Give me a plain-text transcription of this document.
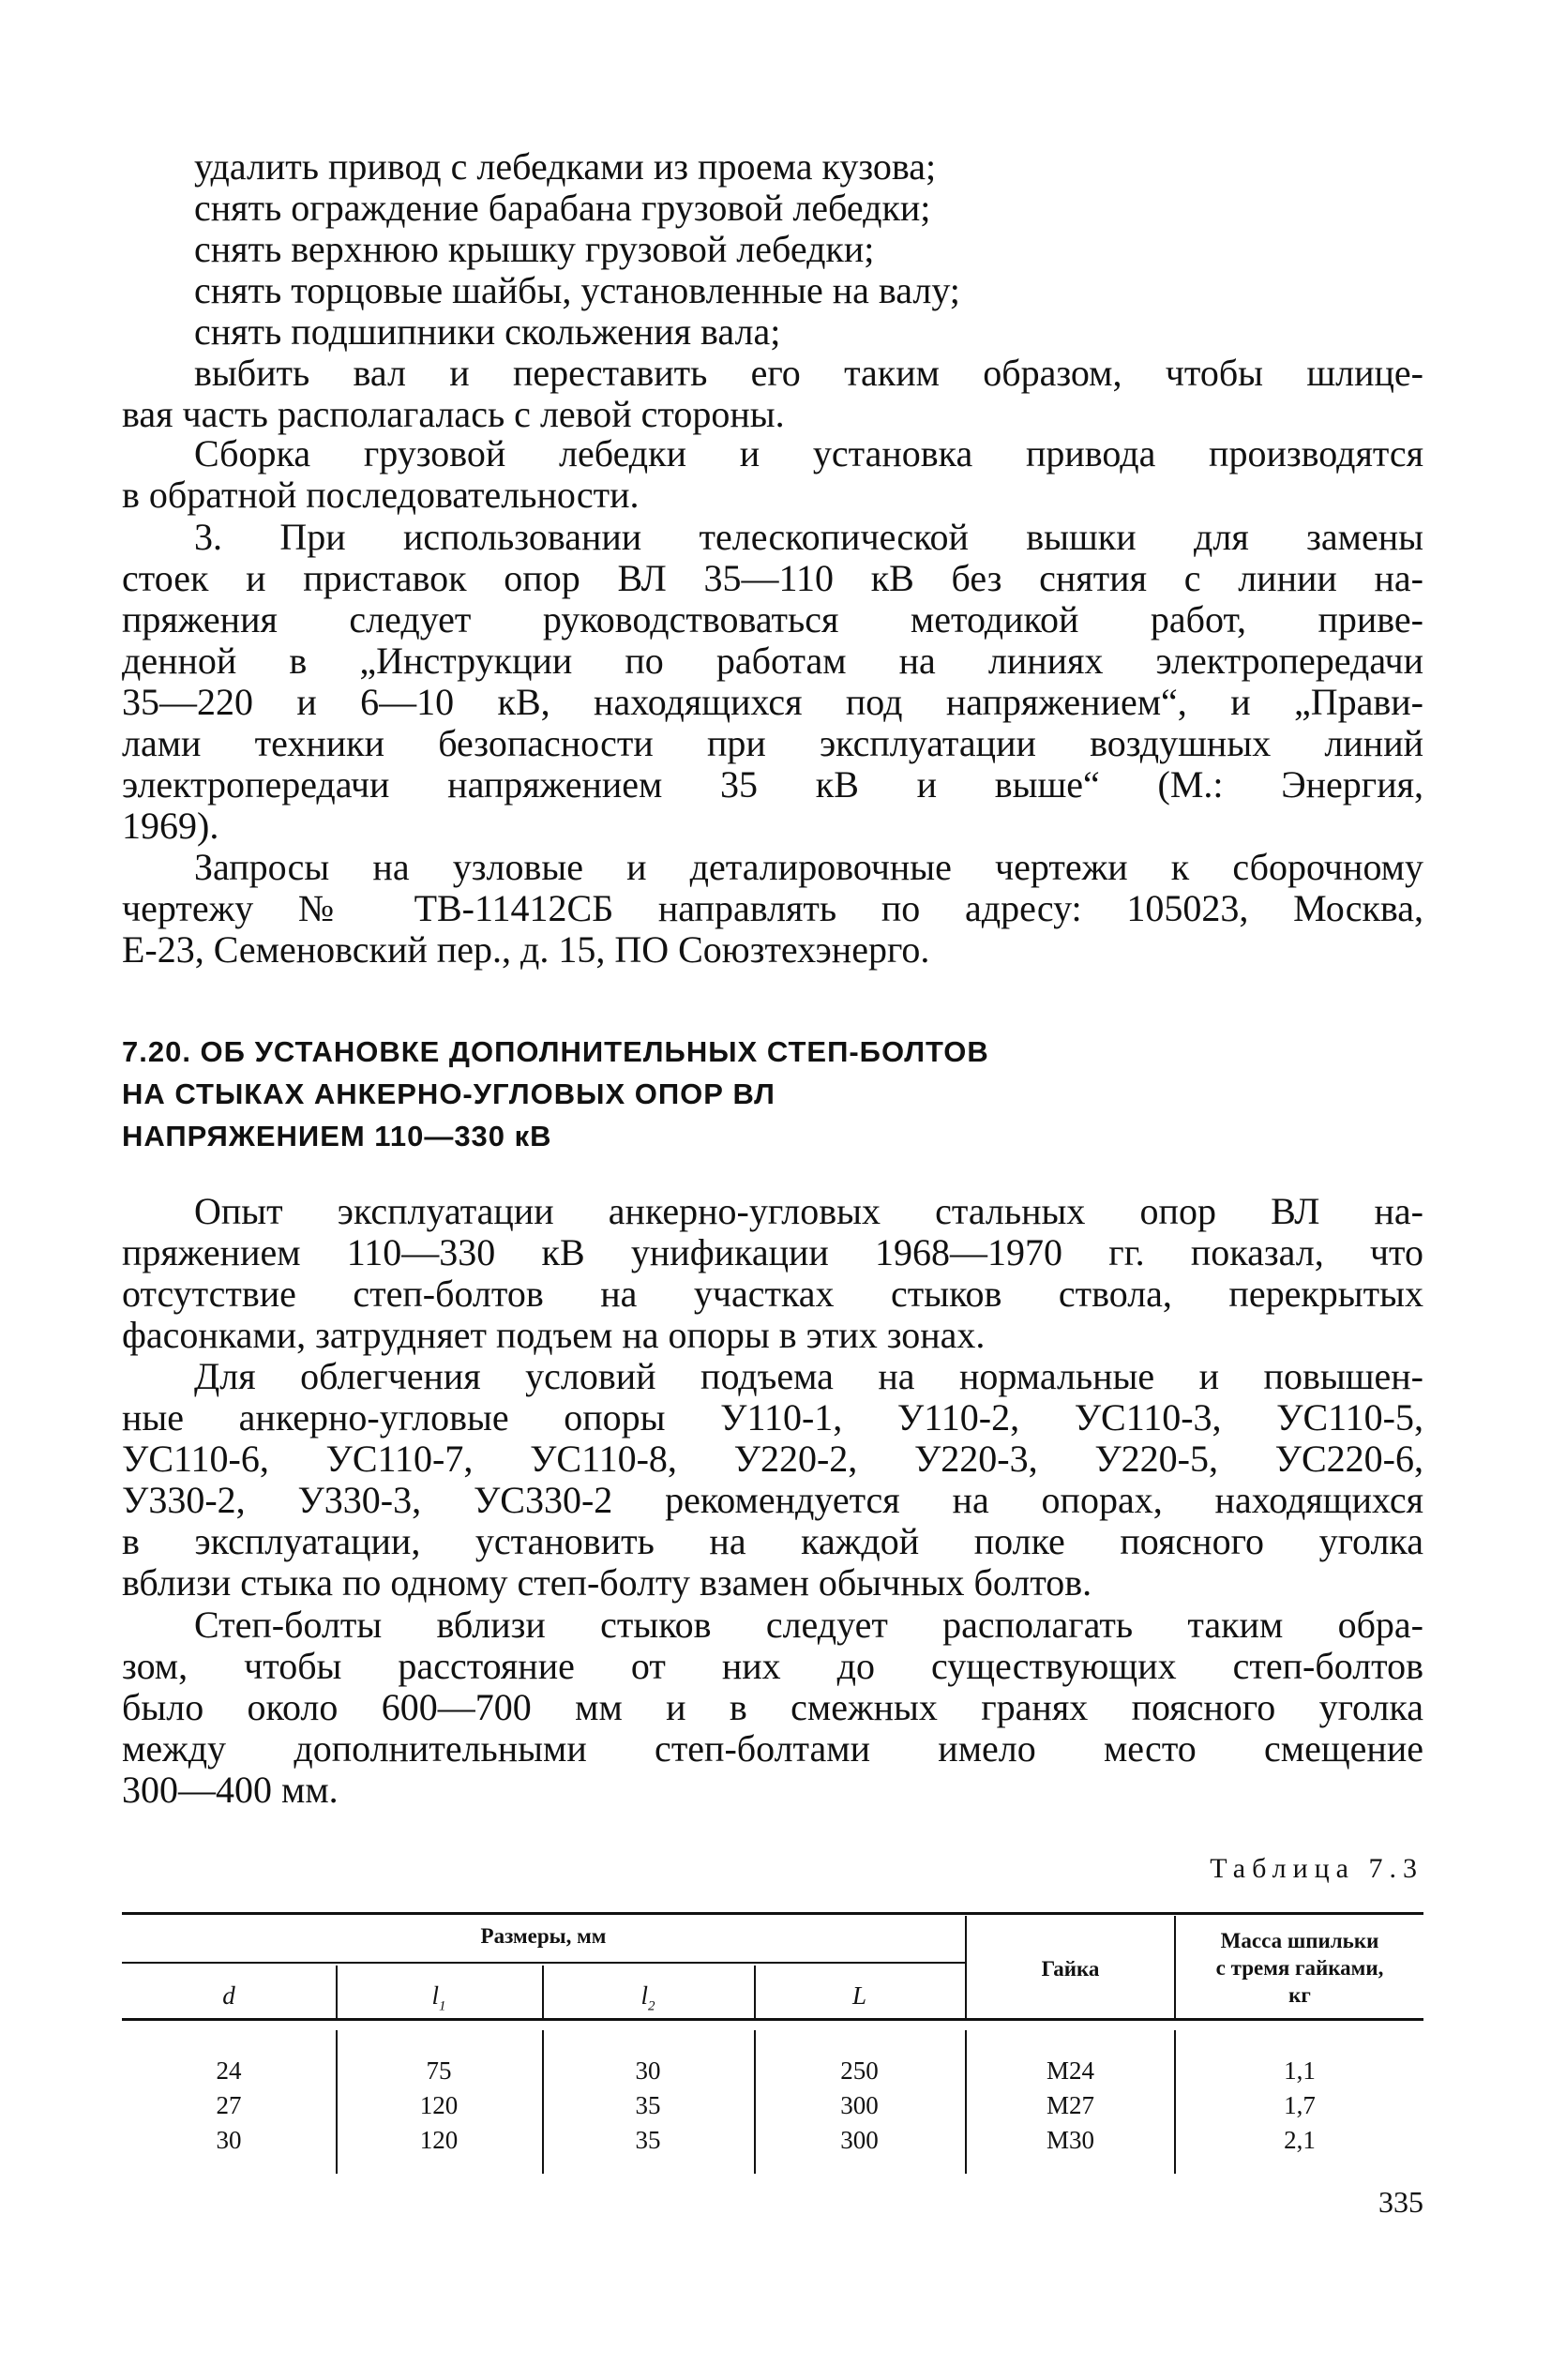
удалить привод с лебедками из проема кузова;
снять ограждение барабана грузовой лебедки;
снять верхнюю крышку грузовой лебедки;
снять торцовые шайбы, установленные на валу;
снять подшипники скольжения вала;
выбить вал и переставить его таким образом, чтобы шлице-
вая часть располагалась с левой стороны.
Сборка грузовой лебедки и установка привода производятся
в обратной последовательности.
3. При использовании телескопической вышки для замены
стоек и приставок опор ВЛ 35—110 кВ без снятия с линии на-
пряжения следует руководствоваться методикой работ, приве-
денной в „Инструкции по работам на линиях электропередачи
35—220 и 6—10 кВ, находящихся под напряжением“, и „Прави-
лами техники безопасности при эксплуатации воздушных линий
электропередачи напряжением 35 кВ и выше“ (М.: Энергия,
1969).
Запросы на узловые и деталировочные чертежи к сборочному
чертежу № ТВ-11412СБ направлять по адресу: 105023, Москва,
Е-23, Семеновский пер., д. 15, ПО Союзтехэнерго.
7.20. ОБ УСТАНОВКЕ ДОПОЛНИТЕЛЬНЫХ СТЕП-БОЛТОВ
НА СТЫКАХ АНКЕРНО-УГЛОВЫХ ОПОР ВЛ
НАПРЯЖЕНИЕМ 110—330 кВ
Опыт эксплуатации анкерно-угловых стальных опор ВЛ на-
пряжением 110—330 кВ унификации 1968—1970 гг. показал, что
отсутствие степ-болтов на участках стыков ствола, перекрытых
фасонками, затрудняет подъем на опоры в этих зонах.
Для облегчения условий подъема на нормальные и повышен-
ные анкерно-угловые опоры У110-1, У110-2, УС110-3, УС110-5,
УС110-6, УС110-7, УС110-8, У220-2, У220-3, У220-5, УС220-6,
У330-2, У330-3, УС330-2 рекомендуется на опорах, находящихся
в эксплуатации, установить на каждой полке поясного уголка
вблизи стыка по одному степ-болту взамен обычных болтов.
Степ-болты вблизи стыков следует располагать таким обра-
зом, чтобы расстояние от них до существующих степ-болтов
было около 600—700 мм и в смежных гранях поясного уголка
между дополнительными степ-болтами имело место смещение
300—400 мм.
Таблица 7.3
Размеры, мм
d	$l_1$	$l_2$	L
Гайка
Масса шпильки
с тремя гайками,
кг
24	75	30	250	М24	1,1
27	120	35	300	М27	1,7
30	120	35	300	М30	2,1
335
